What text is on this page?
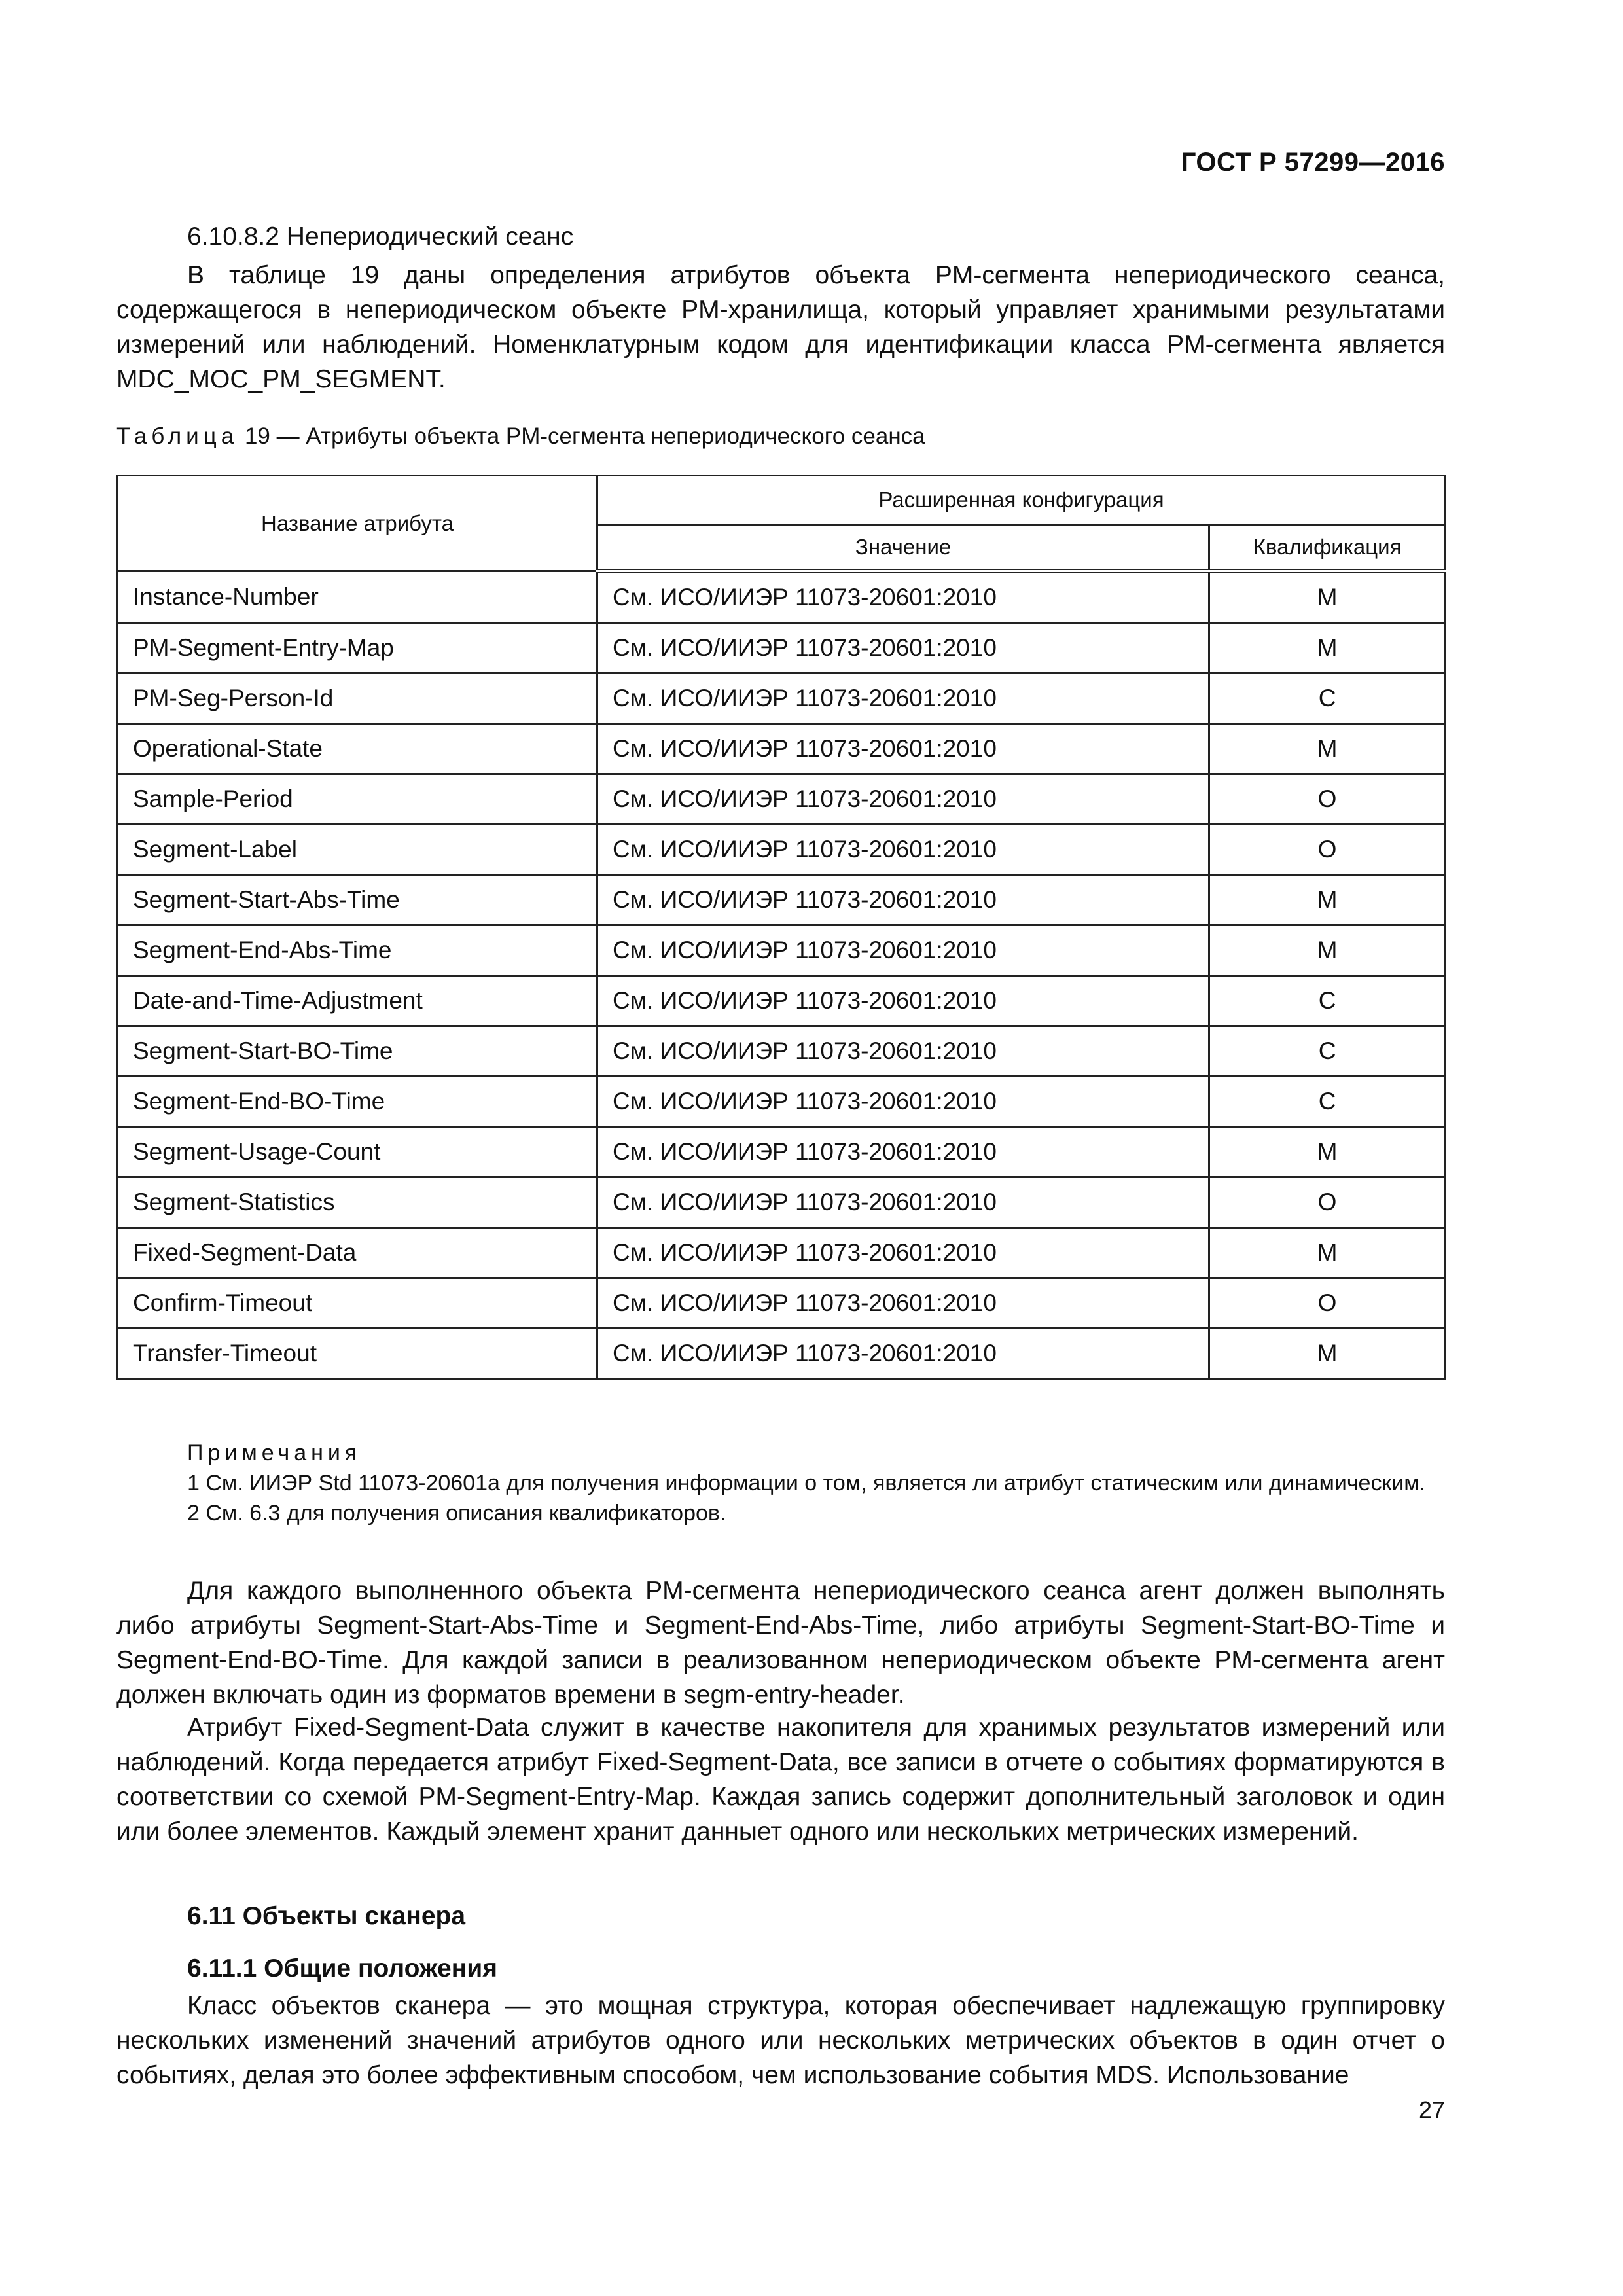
ГОСТ Р 57299—2016
6.10.8.2 Непериодический сеанс

В таблице 19 даны определения атрибутов объекта PM-сегмента непериодического сеанса, содержащегося в непериодическом объекте PM-хранилища, который управляет хранимыми результатами измерений или наблюдений. Номенклатурным кодом для идентификации класса PM-сегмента является MDC_MOC_PM_SEGMENT.

Таблица 19 — Атрибуты объекта PM-сегмента непериодического сеанса
Название атрибута	Расширенная конфигурация	
	Значение	Квалификация
Instance-Number	См. ИСО/ИИЭР 11073-20601:2010	M
PM-Segment-Entry-Map	См. ИСО/ИИЭР 11073-20601:2010	M
PM-Seg-Person-Id	См. ИСО/ИИЭР 11073-20601:2010	C
Operational-State	См. ИСО/ИИЭР 11073-20601:2010	M
Sample-Period	См. ИСО/ИИЭР 11073-20601:2010	O
Segment-Label	См. ИСО/ИИЭР 11073-20601:2010	O
Segment-Start-Abs-Time	См. ИСО/ИИЭР 11073-20601:2010	M
Segment-End-Abs-Time	См. ИСО/ИИЭР 11073-20601:2010	M
Date-and-Time-Adjustment	См. ИСО/ИИЭР 11073-20601:2010	C
Segment-Start-BO-Time	См. ИСО/ИИЭР 11073-20601:2010	C
Segment-End-BO-Time	См. ИСО/ИИЭР 11073-20601:2010	C
Segment-Usage-Count	См. ИСО/ИИЭР 11073-20601:2010	M
Segment-Statistics	См. ИСО/ИИЭР 11073-20601:2010	O
Fixed-Segment-Data	См. ИСО/ИИЭР 11073-20601:2010	M
Confirm-Timeout	См. ИСО/ИИЭР 11073-20601:2010	O
Transfer-Timeout	См. ИСО/ИИЭР 11073-20601:2010	M
Примечания

1 См. ИИЭР Std 11073-20601a для получения информации о том, является ли атрибут статическим или динамическим.

2 См. 6.3 для получения описания квалификаторов.

Для каждого выполненного объекта PM-сегмента непериодического сеанса агент должен выполнять либо атрибуты Segment-Start-Abs-Time и Segment-End-Abs-Time, либо атрибуты Segment-Start-BO-Time и Segment-End-BO-Time. Для каждой записи в реализованном непериодическом объекте PM-сегмента агент должен включать один из форматов времени в segm-entry-header.

Атрибут Fixed-Segment-Data служит в качестве накопителя для хранимых результатов измерений или наблюдений. Когда передается атрибут Fixed-Segment-Data, все записи в отчете о событиях форматируются в соответствии со схемой PM-Segment-Entry-Map. Каждая запись содержит дополнительный заголовок и один или более элементов. Каждый элемент хранит данныет одного или нескольких метрических измерений.

6.11 Объекты сканера
6.11.1 Общие положения

Класс объектов сканера — это мощная структура, которая обеспечивает надлежащую группировку нескольких изменений значений атрибутов одного или нескольких метрических объектов в один отчет о событиях, делая это более эффективным способом, чем использование события MDS. Использование

27
